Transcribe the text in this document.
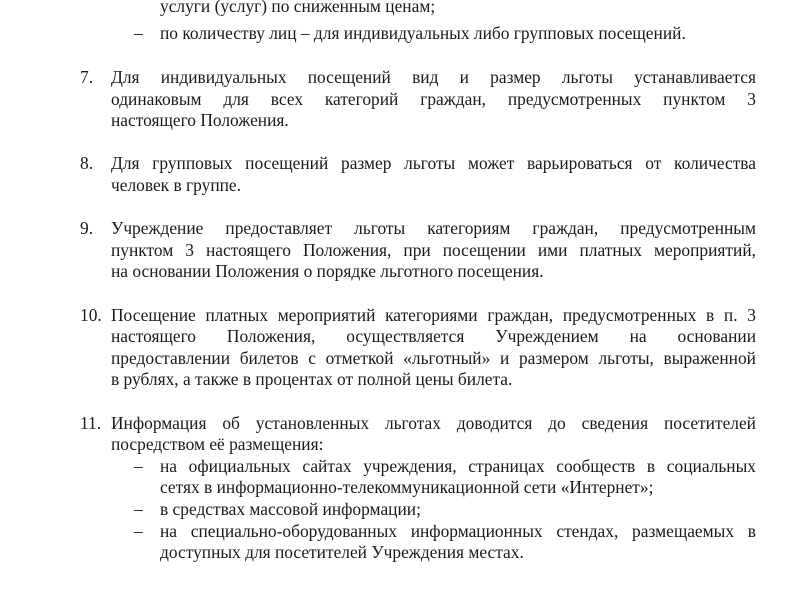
услуги (услуг) по сниженным ценам;
– по количеству лиц – для индивидуальных либо групповых посещений.
7. Для индивидуальных посещений вид и размер льготы устанавливается
одинаковым для всех категорий граждан, предусмотренных пунктом 3
настоящего Положения.
8. Для групповых посещений размер льготы может варьироваться от количества
человек в группе.
9. Учреждение предоставляет льготы категориям граждан, предусмотренным
пунктом 3 настоящего Положения, при посещении ими платных мероприятий,
на основании Положения о порядке льготного посещения.
10. Посещение платных мероприятий категориями граждан, предусмотренных в п. 3
настоящего Положения, осуществляется Учреждением на основании
предоставлении билетов с отметкой «льготный» и размером льготы, выраженной
в рублях, а также в процентах от полной цены билета.
11. Информация об установленных льготах доводится до сведения посетителей
посредством её размещения:
– на официальных сайтах учреждения, страницах сообществ в социальных
сетях в информационно-телекоммуникационной сети «Интернет»;
– в средствах массовой информации;
– на специально-оборудованных информационных стендах, размещаемых в
доступных для посетителей Учреждения местах.
